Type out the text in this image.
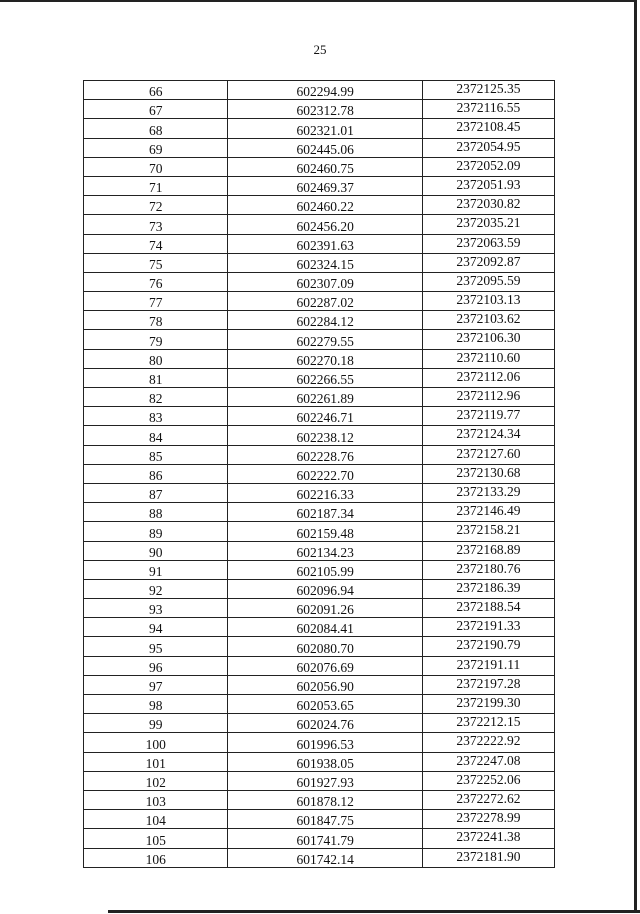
25
66	602294.99	2372125.35
67	602312.78	2372116.55
68	602321.01	2372108.45
69	602445.06	2372054.95
70	602460.75	2372052.09
71	602469.37	2372051.93
72	602460.22	2372030.82
73	602456.20	2372035.21
74	602391.63	2372063.59
75	602324.15	2372092.87
76	602307.09	2372095.59
77	602287.02	2372103.13
78	602284.12	2372103.62
79	602279.55	2372106.30
80	602270.18	2372110.60
81	602266.55	2372112.06
82	602261.89	2372112.96
83	602246.71	2372119.77
84	602238.12	2372124.34
85	602228.76	2372127.60
86	602222.70	2372130.68
87	602216.33	2372133.29
88	602187.34	2372146.49
89	602159.48	2372158.21
90	602134.23	2372168.89
91	602105.99	2372180.76
92	602096.94	2372186.39
93	602091.26	2372188.54
94	602084.41	2372191.33
95	602080.70	2372190.79
96	602076.69	2372191.11
97	602056.90	2372197.28
98	602053.65	2372199.30
99	602024.76	2372212.15
100	601996.53	2372222.92
101	601938.05	2372247.08
102	601927.93	2372252.06
103	601878.12	2372272.62
104	601847.75	2372278.99
105	601741.79	2372241.38
106	601742.14	2372181.90
